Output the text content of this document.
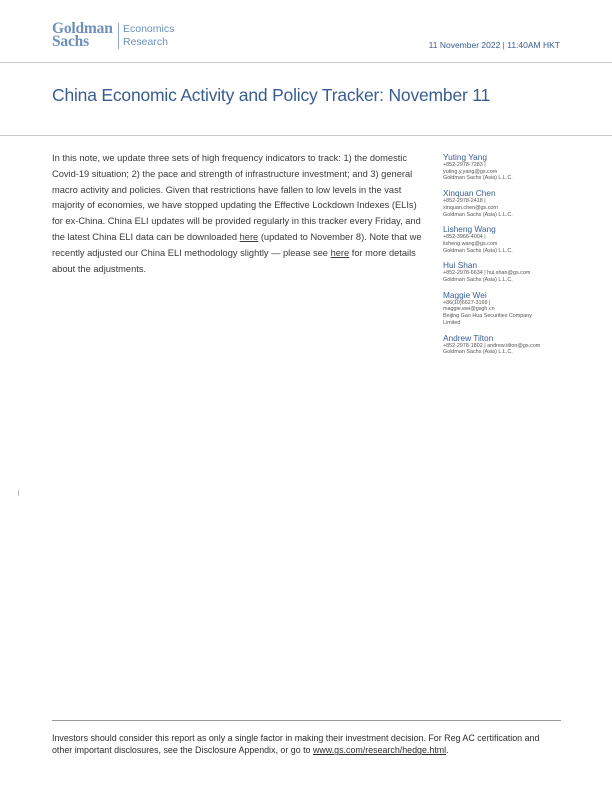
Goldman
Sachs
Economics
Research	11 November 2022 | 11:40AM HKT
China Economic Activity and Policy Tracker: November 11

In this note, we update three sets of high frequency indicators to track: 1) the domestic Covid-19 situation; 2) the pace and strength of infrastructure investment; and 3) general macro activity and policies. Given that restrictions have fallen to low levels in the vast majority of economies, we have stopped updating the Effective Lockdown Indexes (ELIs) for ex-China. China ELI updates will be provided regularly in this tracker every Friday, and the latest China ELI data can be downloaded here (updated to November 8). Note that we recently adjusted our China ELI methodology slightly — please see here for more details about the adjustments.

Yuting Yang
+852-2978-7283 |
yuting.y.yang@gs.com
Goldman Sachs (Asia) L.L.C.
Xinquan Chen
+852-2978-2418 |
xinquan.chen@gs.com
Goldman Sachs (Asia) L.L.C.
Lisheng Wang
+852-3966-4004 |
lisheng.wang@gs.com
Goldman Sachs (Asia) L.L.C.
Hui Shan
+852-2978-6634 | hui.shan@gs.com
Goldman Sachs (Asia) L.L.C.
Maggie Wei
+86(10)6627-3169 |
maggie.wei@gsgh.cn
Beijing Gao Hua Securities Company
Limited
Andrew Tilton
+852-2978-1802 | andrew.tilton@gs.com
Goldman Sachs (Asia) L.L.C.

Investors should consider this report as only a single factor in making their investment decision. For Reg AC certification and other important disclosures, see the Disclosure Appendix, or go to www.gs.com/research/hedge.html.
